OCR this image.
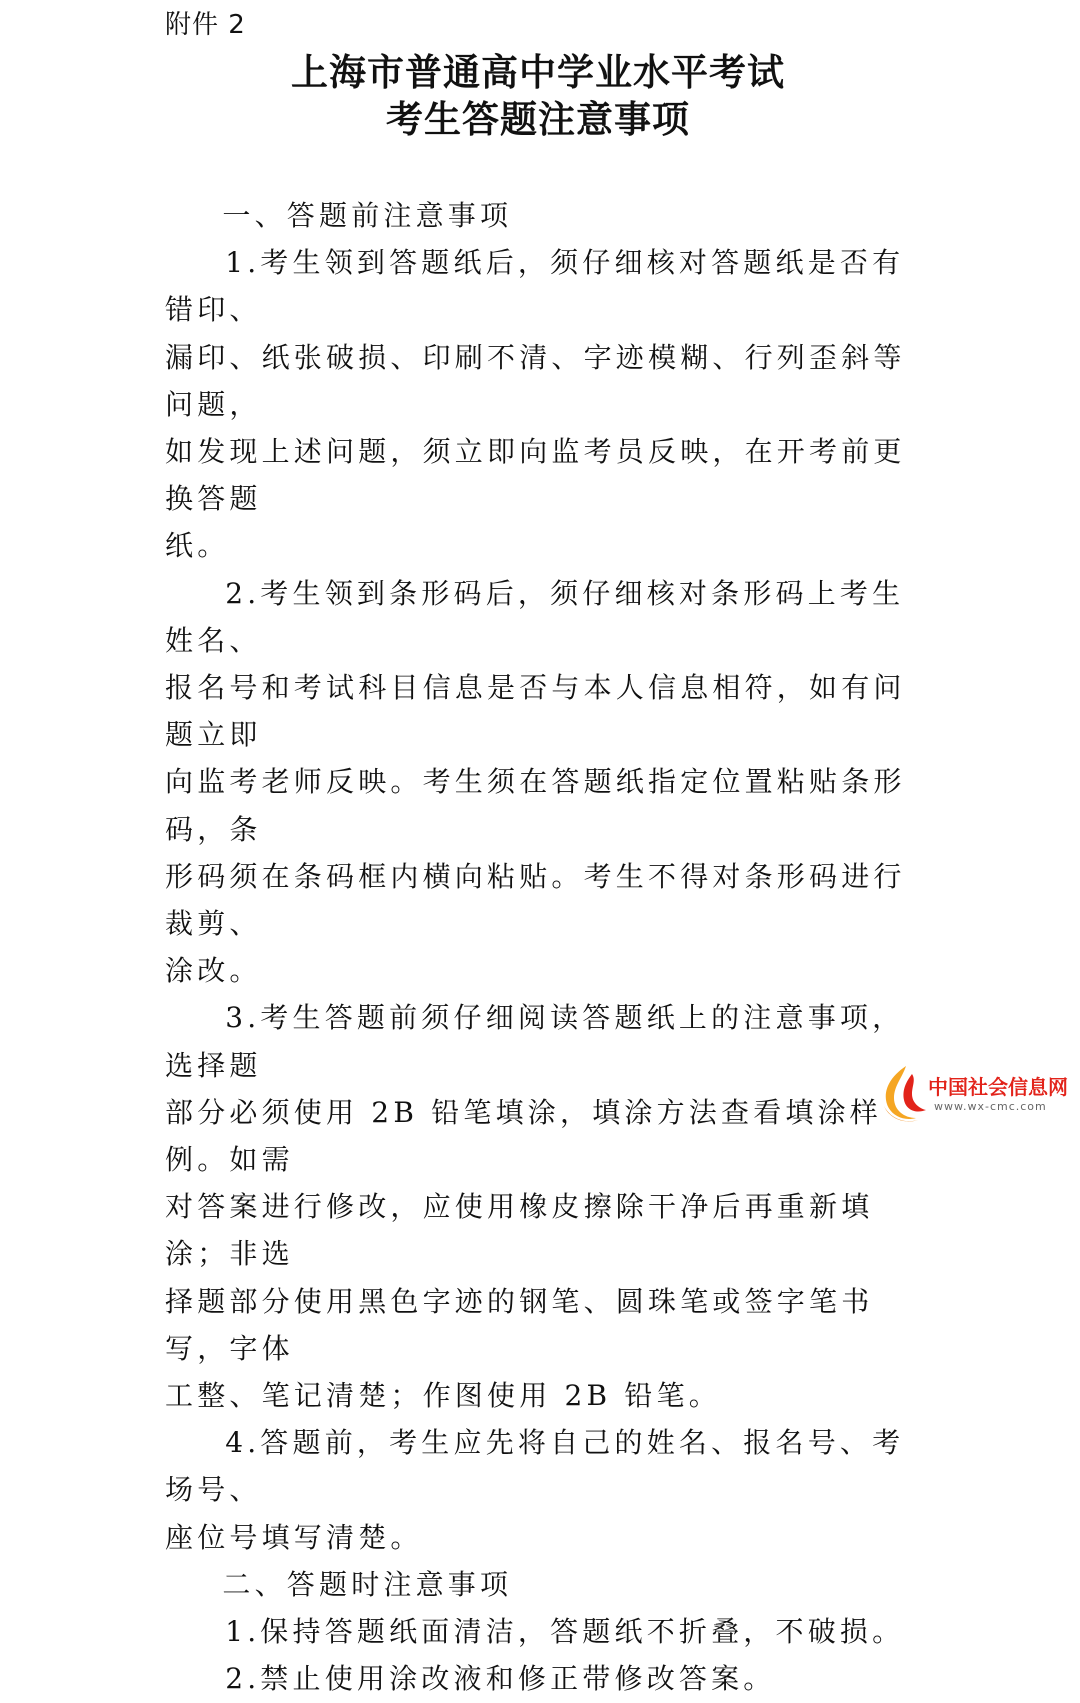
附件 2
上海市普通高中学业水平考试
考生答题注意事项

一、答题前注意事项

1.考生领到答题纸后，须仔细核对答题纸是否有错印、
漏印、纸张破损、印刷不清、字迹模糊、行列歪斜等问题，
如发现上述问题，须立即向监考员反映，在开考前更换答题
纸。

2.考生领到条形码后，须仔细核对条形码上考生姓名、
报名号和考试科目信息是否与本人信息相符，如有问题立即
向监考老师反映。考生须在答题纸指定位置粘贴条形码，条
形码须在条码框内横向粘贴。考生不得对条形码进行裁剪、
涂改。

3.考生答题前须仔细阅读答题纸上的注意事项，选择题
部分必须使用 2B 铅笔填涂，填涂方法查看填涂样例。如需
对答案进行修改，应使用橡皮擦除干净后再重新填涂；非选
择题部分使用黑色字迹的钢笔、圆珠笔或签字笔书写，字体
工整、笔记清楚；作图使用 2B 铅笔。

4.答题前，考生应先将自己的姓名、报名号、考场号、
座位号填写清楚。

二、答题时注意事项

1.保持答题纸面清洁，答题纸不折叠，不破损。

2.禁止使用涂改液和修正带修改答案。

中国社会信息网
www.wx-cmc.com
